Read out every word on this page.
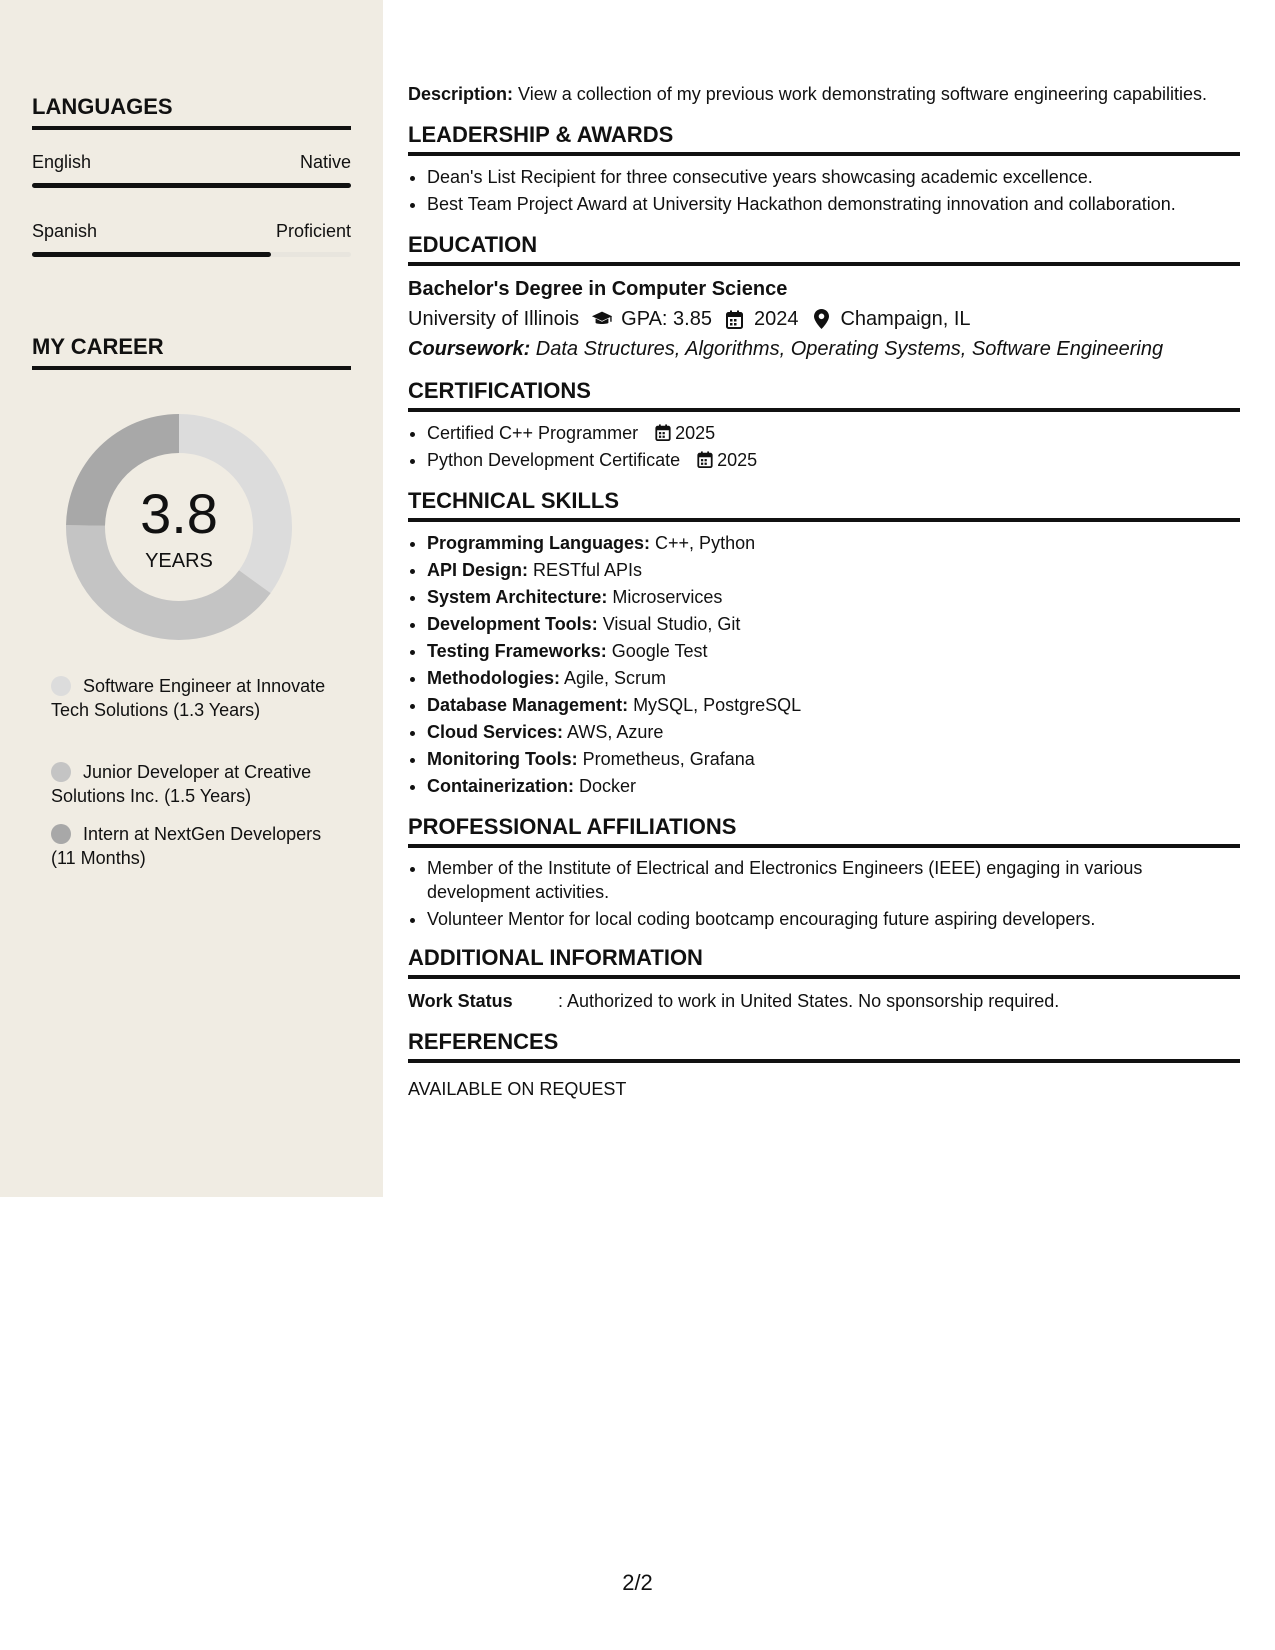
LANGUAGES
English	Native
Spanish	Proficient
MY CAREER
3.8
YEARS
Software Engineer at Innovate Tech Solutions (1.3 Years)
Junior Developer at Creative Solutions Inc. (1.5 Years)
Intern at NextGen Developers (11 Months)

Description: View a collection of my previous work demonstrating software engineering capabilities.

LEADERSHIP & AWARDS
• Dean's List Recipient for three consecutive years showcasing academic excellence.
• Best Team Project Award at University Hackathon demonstrating innovation and collaboration.
EDUCATION
Bachelor's Degree in Computer Science
University of Illinois GPA: 3.85 2024 Champaign, IL
Coursework: Data Structures, Algorithms, Operating Systems, Software Engineering
CERTIFICATIONS
• Certified C++ Programmer 2025
• Python Development Certificate 2025
TECHNICAL SKILLS
• Programming Languages: C++, Python
• API Design: RESTful APIs
• System Architecture: Microservices
• Development Tools: Visual Studio, Git
• Testing Frameworks: Google Test
• Methodologies: Agile, Scrum
• Database Management: MySQL, PostgreSQL
• Cloud Services: AWS, Azure
• Monitoring Tools: Prometheus, Grafana
• Containerization: Docker
PROFESSIONAL AFFILIATIONS
• Member of the Institute of Electrical and Electronics Engineers (IEEE) engaging in various development activities.
• Volunteer Mentor for local coding bootcamp encouraging future aspiring developers.
ADDITIONAL INFORMATION
Work Status	: Authorized to work in United States. No sponsorship required.
REFERENCES
AVAILABLE ON REQUEST
2/2
